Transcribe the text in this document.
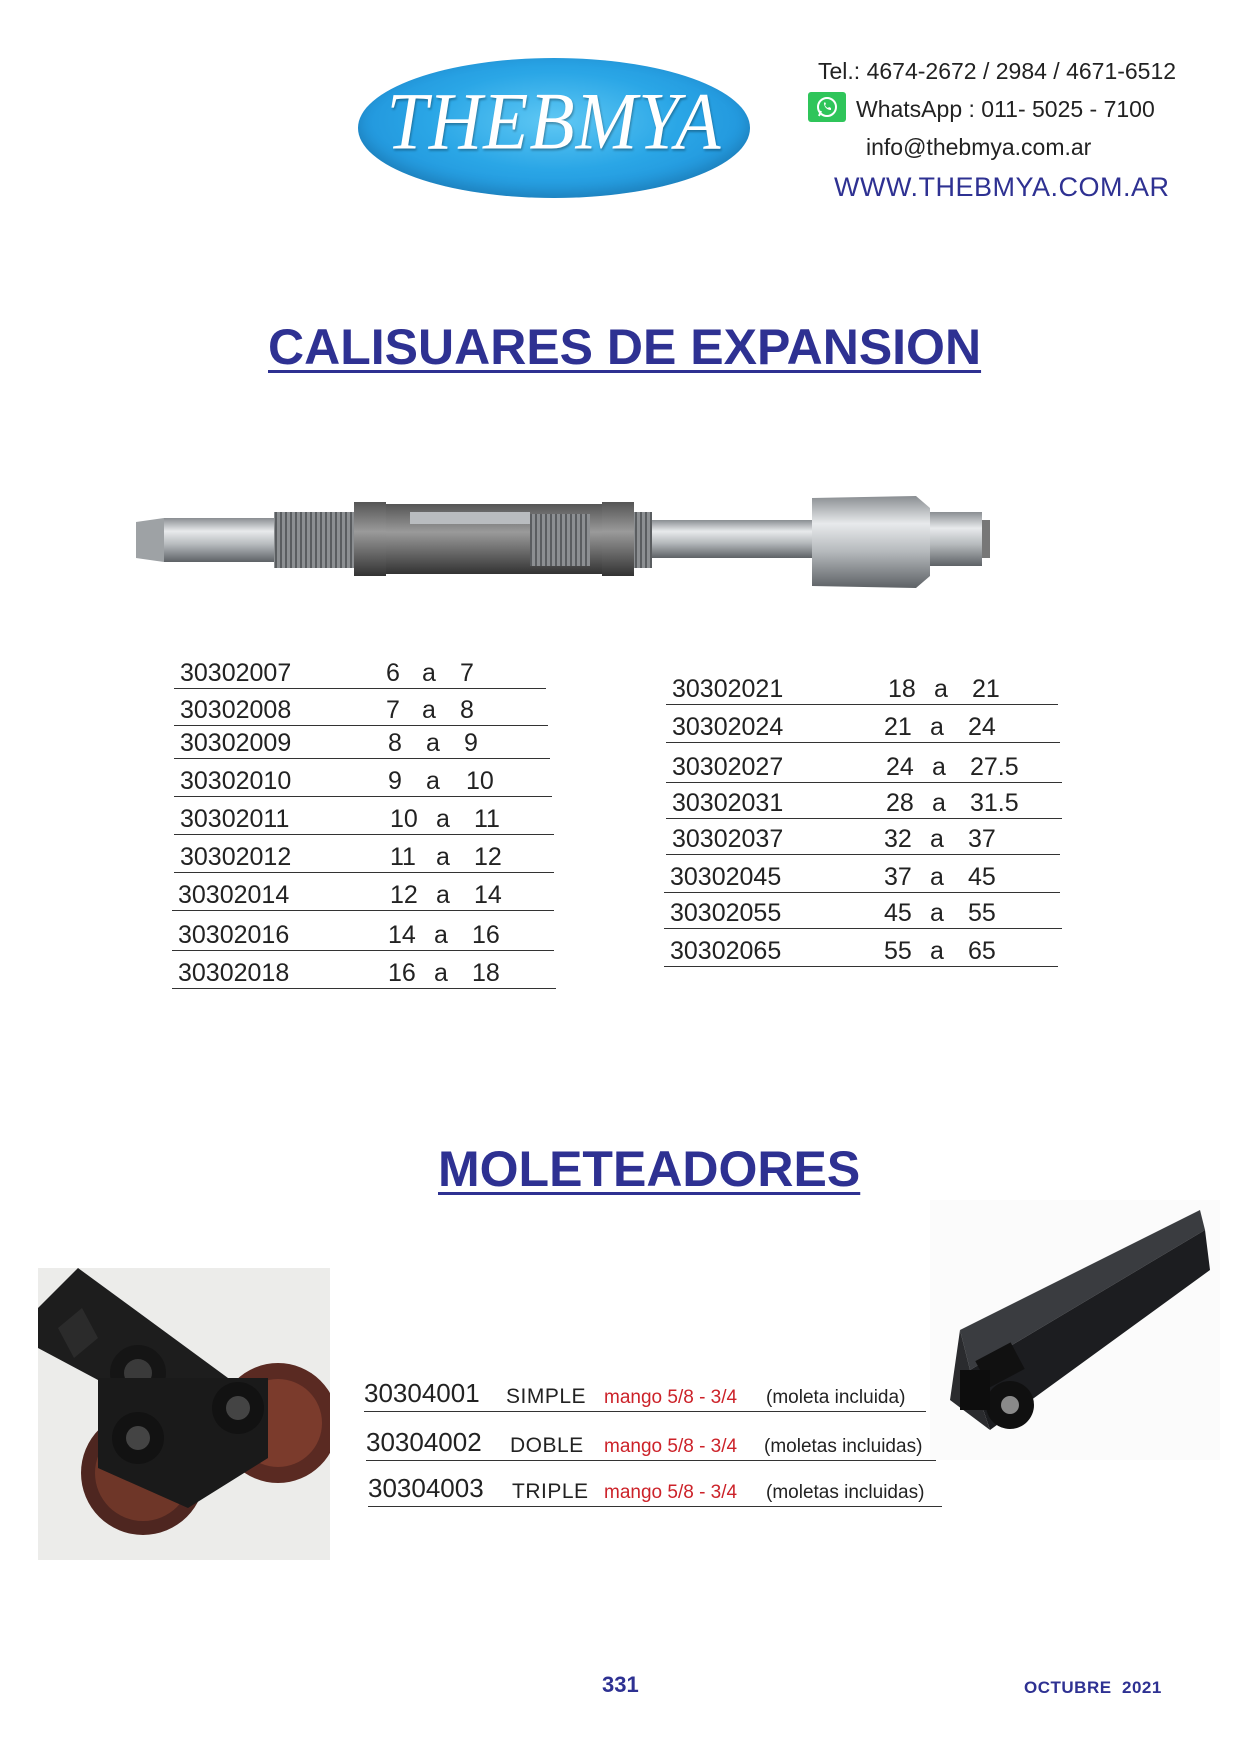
THEBMYA
Tel.: 4674-2672 / 2984 / 4671-6512
WhatsApp : 011- 5025 - 7100
info@thebmya.com.ar
WWW.THEBMYA.COM.AR
CALISUARES DE EXPANSION
30302007	6 a 7
30302008	7 a 8
30302009	8 a 9
30302010	9 a 10
30302011	10 a 11
30302012	11 a 12
30302014	12 a 14
30302016	14 a 16
30302018	16 a 18
30302021	18 a 21
30302024	21 a 24
30302027	24 a 27.5
30302031	28 a 31.5
30302037	32 a 37
30302045	37 a 45
30302055	45 a 55
30302065	55 a 65
MOLETEADORES
30304001 SIMPLE mango 5/8 - 3/4 (moleta incluida)
30304002 DOBLE mango 5/8 - 3/4 (moletas incluidas)
30304003 TRIPLE mango 5/8 - 3/4 (moletas incluidas)
331	OCTUBRE  2021
